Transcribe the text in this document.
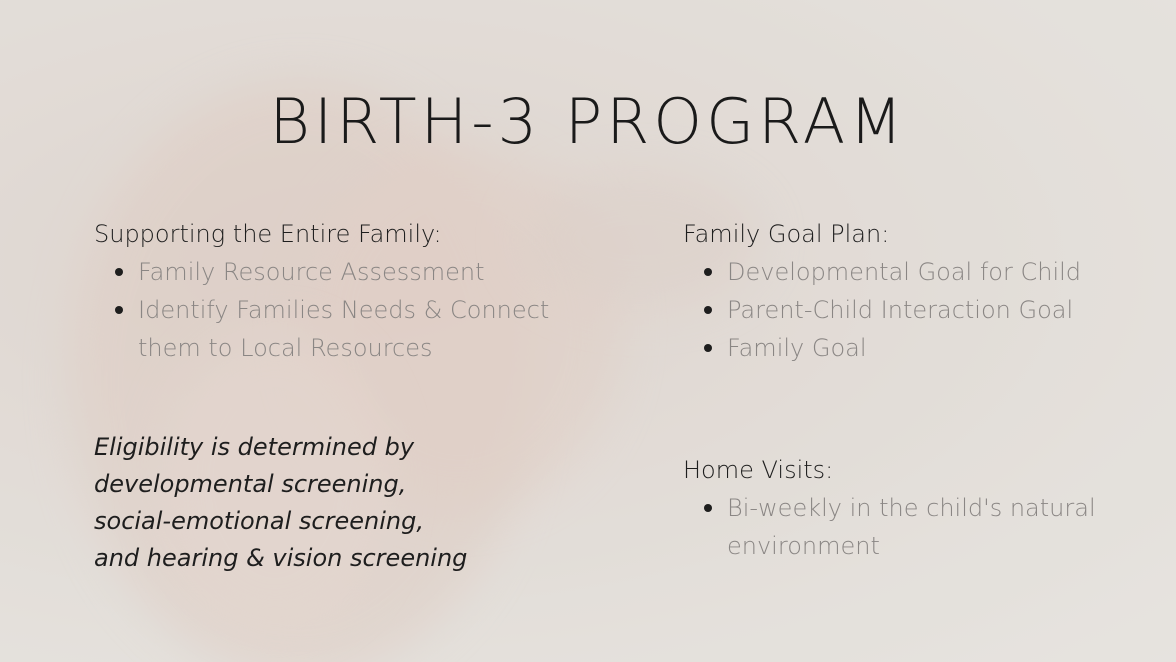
BIRTH-3 PROGRAM
Supporting the Entire Family:
Family Resource Assessment
Identify Families Needs & Connect them to Local Resources
Family Goal Plan:
Developmental Goal for Child
Parent-Child Interaction Goal
Family Goal

Eligibility is determined by developmental screening, social-emotional screening, and hearing & vision screening

Home Visits:
Bi-weekly in the child's natural environment
